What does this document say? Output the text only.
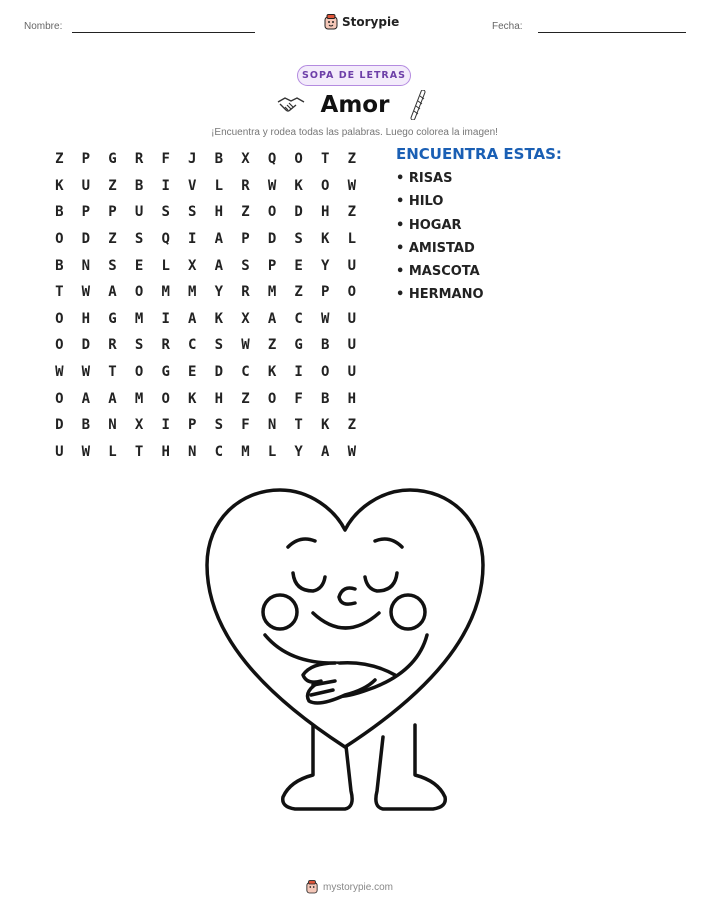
Nombre:	Storypie	Fecha:
SOPA DE LETRAS
Amor
¡Encuentra y rodea todas las palabras. Luego colorea la imagen!
Z	P	G	R	F	J	B	X	Q	O	T	Z
K	U	Z	B	I	V	L	R	W	K	O	W
B	P	P	U	S	S	H	Z	O	D	H	Z
O	D	Z	S	Q	I	A	P	D	S	K	L
B	N	S	E	L	X	A	S	P	E	Y	U
T	W	A	O	M	M	Y	R	M	Z	P	O
O	H	G	M	I	A	K	X	A	C	W	U
O	D	R	S	R	C	S	W	Z	G	B	U
W	W	T	O	G	E	D	C	K	I	O	U
O	A	A	M	O	K	H	Z	O	F	B	H
D	B	N	X	I	P	S	F	N	T	K	Z
U	W	L	T	H	N	C	M	L	Y	A	W
ENCUENTRA ESTAS:
• RISAS
• HILO
• HOGAR
• AMISTAD
• MASCOTA
• HERMANO
mystorypie.com
